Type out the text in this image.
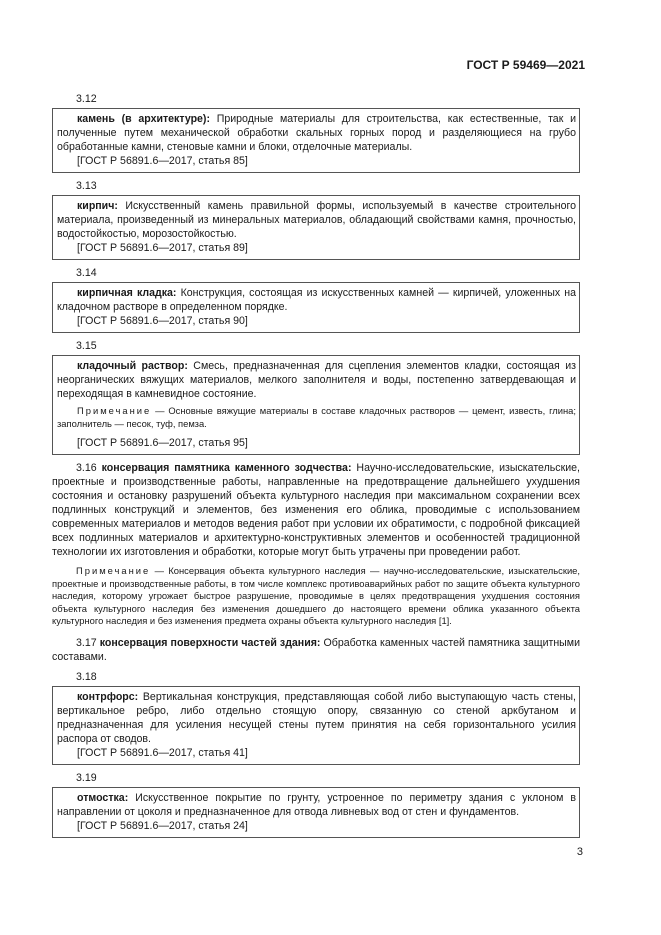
ГОСТ Р 59469—2021
3.12
камень (в архитектуре): Природные материалы для строительства, как естественные, так и полученные путем механической обработки скальных горных пород и разделяющиеся на грубо обработанные камни, стеновые камни и блоки, отделочные материалы.
[ГОСТ Р 56891.6—2017, статья 85]
3.13
кирпич: Искусственный камень правильной формы, используемый в качестве строительного материала, произведенный из минеральных материалов, обладающий свойствами камня, прочностью, водостойкостью, морозостойкостью.
[ГОСТ Р 56891.6—2017, статья 89]
3.14
кирпичная кладка: Конструкция, состоящая из искусственных камней — кирпичей, уложенных на кладочном растворе в определенном порядке.
[ГОСТ Р 56891.6—2017, статья 90]
3.15
кладочный раствор: Смесь, предназначенная для сцепления элементов кладки, состоящая из неорганических вяжущих материалов, мелкого заполнителя и воды, постепенно затвердевающая и переходящая в камневидное состояние.
Примечание — Основные вяжущие материалы в составе кладочных растворов — цемент, известь, глина; заполнитель — песок, туф, пемза.
[ГОСТ Р 56891.6—2017, статья 95]
3.16 консервация памятника каменного зодчества: Научно-исследовательские, изыскательские, проектные и производственные работы, направленные на предотвращение дальнейшего ухудшения состояния и остановку разрушений объекта культурного наследия при максимальном сохранении всех подлинных конструкций и элементов, без изменения его облика, проводимые с использованием современных материалов и методов ведения работ при условии их обратимости, с подробной фиксацией всех подлинных материалов и архитектурно-конструктивных элементов и особенностей традиционной технологии их изготовления и обработки, которые могут быть утрачены при проведении работ.
Примечание — Консервация объекта культурного наследия — научно-исследовательские, изыскательские, проектные и производственные работы, в том числе комплекс противоаварийных работ по защите объекта культурного наследия, которому угрожает быстрое разрушение, проводимые в целях предотвращения ухудшения состояния объекта культурного наследия без изменения дошедшего до настоящего времени облика указанного объекта культурного наследия и без изменения предмета охраны объекта культурного наследия [1].
3.17 консервация поверхности частей здания: Обработка каменных частей памятника защитными составами.
3.18
контрфорс: Вертикальная конструкция, представляющая собой либо выступающую часть стены, вертикальное ребро, либо отдельно стоящую опору, связанную со стеной аркбутаном и предназначенная для усиления несущей стены путем принятия на себя горизонтального усилия распора от сводов.
[ГОСТ Р 56891.6—2017, статья 41]
3.19
отмостка: Искусственное покрытие по грунту, устроенное по периметру здания с уклоном в направлении от цоколя и предназначенное для отвода ливневых вод от стен и фундаментов.
[ГОСТ Р 56891.6—2017, статья 24]
3
